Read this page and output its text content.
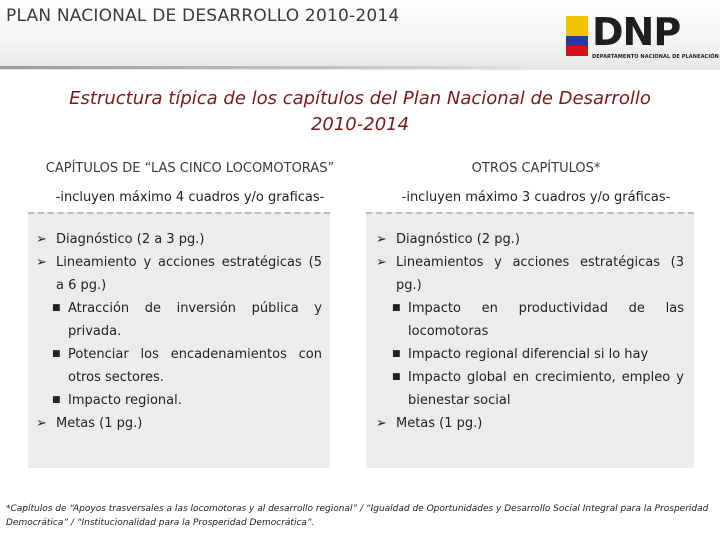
PLAN NACIONAL DE DESARROLLO 2010-2014	DNP
DEPARTAMENTO NACIONAL DE PLANEACIÓN
Estructura típica de los capítulos del Plan Nacional de Desarrollo 2010-2014
CAPÍTULOS DE “LAS CINCO LOCOMOTORAS”
-incluyen máximo 4 cuadros y/o graficas-
➢ Diagnóstico (2 a 3 pg.)
➢ Lineamiento y acciones estratégicas (5 a 6 pg.)
■ Atracción de inversión pública y privada.
■ Potenciar los encadenamientos con otros sectores.
■ Impacto regional.
➢ Metas (1 pg.)
OTROS CAPÍTULOS*
-incluyen máximo 3 cuadros y/o gráficas-
➢ Diagnóstico (2 pg.)
➢ Lineamientos y acciones estratégicas (3 pg.)
■ Impacto en productividad de las locomotoras
■ Impacto regional diferencial si lo hay
■ Impacto global en crecimiento, empleo y bienestar social
➢ Metas (1 pg.)
*Capítulos de “Apoyos trasversales a las locomotoras y al desarrollo regional” / “Igualdad de Oportunidades y Desarrollo Social Integral para la Prosperidad Democrática” / “Institucionalidad para la Prosperidad Democrática”.
